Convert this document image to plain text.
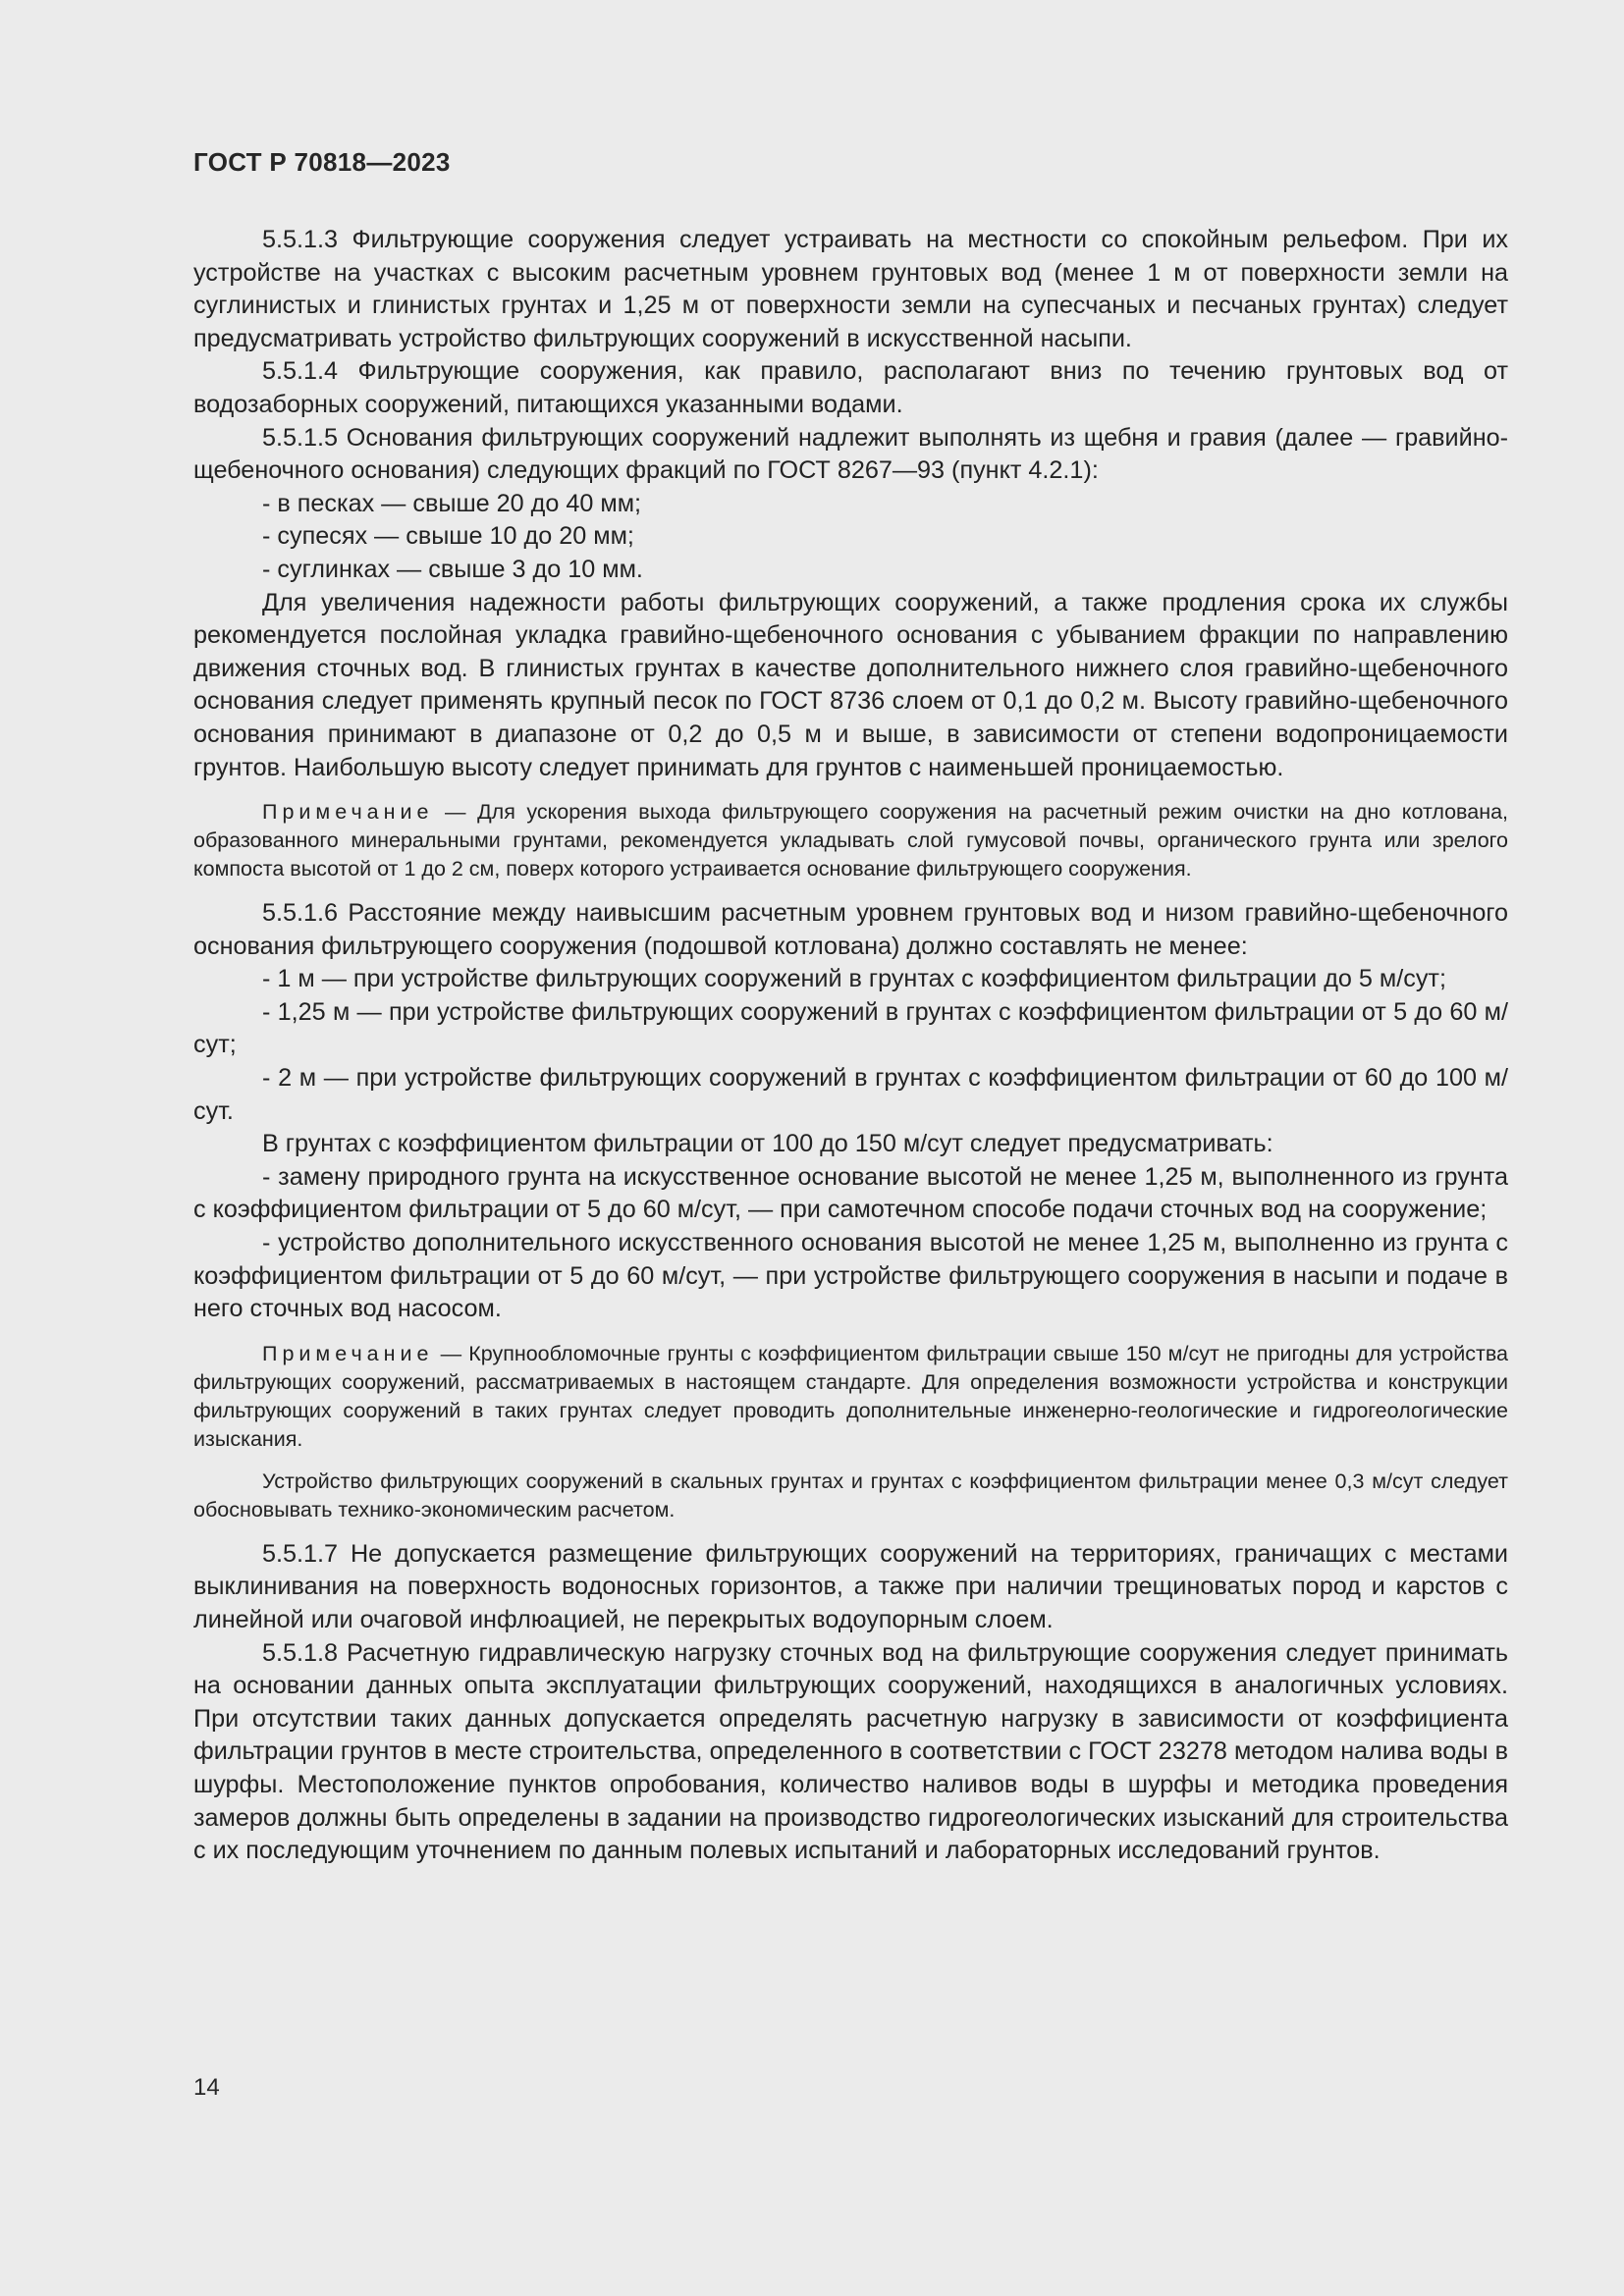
ГОСТ Р 70818—2023

5.5.1.3 Фильтрующие сооружения следует устраивать на местности со спокойным рельефом. При их устройстве на участках с высоким расчетным уровнем грунтовых вод (менее 1 м от поверхности земли на суглинистых и глинистых грунтах и 1,25 м от поверхности земли на супесчаных и песчаных грунтах) следует предусматривать устройство фильтрующих сооружений в искусственной насыпи.

5.5.1.4 Фильтрующие сооружения, как правило, располагают вниз по течению грунтовых вод от водозаборных сооружений, питающихся указанными водами.

5.5.1.5 Основания фильтрующих сооружений надлежит выполнять из щебня и гравия (далее — гравийно-щебеночного основания) следующих фракций по ГОСТ 8267—93 (пункт 4.2.1):

- в песках — свыше 20 до 40 мм;

- супесях — свыше 10 до 20 мм;

- суглинках — свыше 3 до 10 мм.

Для увеличения надежности работы фильтрующих сооружений, а также продления срока их службы рекомендуется послойная укладка гравийно-щебеночного основания с убыванием фракции по направлению движения сточных вод. В глинистых грунтах в качестве дополнительного нижнего слоя гравийно-щебеночного основания следует применять крупный песок по ГОСТ 8736 слоем от 0,1 до 0,2 м. Высоту гравийно-щебеночного основания принимают в диапазоне от 0,2 до 0,5 м и выше, в зависимости от степени водопроницаемости грунтов. Наибольшую высоту следует принимать для грунтов с наименьшей проницаемостью.

Примечание — Для ускорения выхода фильтрующего сооружения на расчетный режим очистки на дно котлована, образованного минеральными грунтами, рекомендуется укладывать слой гумусовой почвы, органического грунта или зрелого компоста высотой от 1 до 2 см, поверх которого устраивается основание фильтрующего сооружения.

5.5.1.6 Расстояние между наивысшим расчетным уровнем грунтовых вод и низом гравийно-щебеночного основания фильтрующего сооружения (подошвой котлована) должно составлять не менее:

- 1 м — при устройстве фильтрующих сооружений в грунтах с коэффициентом фильтрации до 5 м/сут;

- 1,25 м — при устройстве фильтрующих сооружений в грунтах с коэффициентом фильтрации от 5 до 60 м/сут;

- 2 м — при устройстве фильтрующих сооружений в грунтах с коэффициентом фильтрации от 60 до 100 м/сут.

В грунтах с коэффициентом фильтрации от 100 до 150 м/сут следует предусматривать:

- замену природного грунта на искусственное основание высотой не менее 1,25 м, выполненного из грунта с коэффициентом фильтрации от 5 до 60 м/сут, — при самотечном способе подачи сточных вод на сооружение;

- устройство дополнительного искусственного основания высотой не менее 1,25 м, выполненно из грунта с коэффициентом фильтрации от 5 до 60 м/сут, — при устройстве фильтрующего сооружения в насыпи и подаче в него сточных вод насосом.

Примечание — Крупнообломочные грунты с коэффициентом фильтрации свыше 150 м/сут не пригодны для устройства фильтрующих сооружений, рассматриваемых в настоящем стандарте. Для определения возможности устройства и конструкции фильтрующих сооружений в таких грунтах следует проводить дополнительные инженерно-геологические и гидрогеологические изыскания.

Устройство фильтрующих сооружений в скальных грунтах и грунтах с коэффициентом фильтрации менее 0,3 м/сут следует обосновывать технико-экономическим расчетом.

5.5.1.7 Не допускается размещение фильтрующих сооружений на территориях, граничащих с местами выклинивания на поверхность водоносных горизонтов, а также при наличии трещиноватых пород и карстов с линейной или очаговой инфлюацией, не перекрытых водоупорным слоем.

5.5.1.8 Расчетную гидравлическую нагрузку сточных вод на фильтрующие сооружения следует принимать на основании данных опыта эксплуатации фильтрующих сооружений, находящихся в аналогичных условиях. При отсутствии таких данных допускается определять расчетную нагрузку в зависимости от коэффициента фильтрации грунтов в месте строительства, определенного в соответствии с ГОСТ 23278 методом налива воды в шурфы. Местоположение пунктов опробования, количество наливов воды в шурфы и методика проведения замеров должны быть определены в задании на производство гидрогеологических изысканий для строительства с их последующим уточнением по данным полевых испытаний и лабораторных исследований грунтов.

14
